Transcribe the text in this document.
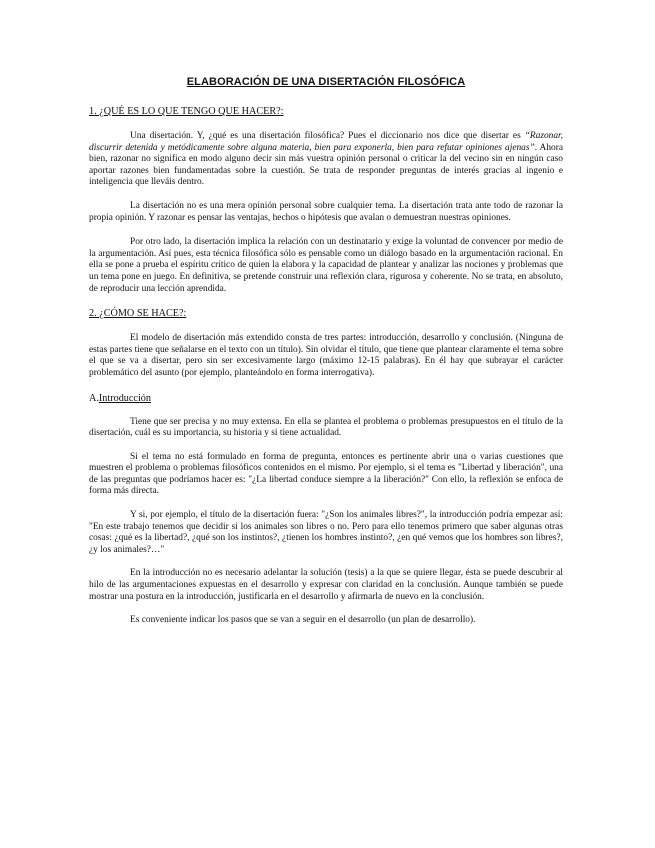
ELABORACIÓN DE UNA DISERTACIÓN FILOSÓFICA
1. ¿QUÉ ES LO QUE TENGO QUE HACER?:

Una disertación. Y, ¿qué es una disertación filosófica? Pues el diccionario nos dice que disertar es “Razonar, discurrir detenida y metódicamente sobre alguna materia, bien para exponerla, bien para refutar opiniones ajenas”. Ahora bien, razonar no significa en modo alguno decir sin más vuestra opinión personal o criticar la del vecino sin en ningún caso aportar razones bien fundamentadas sobre la cuestión. Se trata de responder preguntas de interés gracias al ingenio e inteligencia que lleváis dentro.

La disertación no es una mera opinión personal sobre cualquier tema. La disertación trata ante todo de razonar la propia opinión. Y razonar es pensar las ventajas, hechos o hipótesis que avalan o demuestran nuestras opiniones.

Por otro lado, la disertación implica la relación con un destinatario y exige la voluntad de convencer por medio de la argumentación. Así pues, esta técnica filosófica sólo es pensable como un diálogo basado en la argumentación racional. En ella se pone a prueba el espíritu crítico de quien la elabora y la capacidad de plantear y analizar las nociones y problemas que un tema pone en juego. En definitiva, se pretende construir una reflexión clara, rigurosa y coherente. No se trata, en absoluto, de reproducir una lección aprendida.

2. ¿CÓMO SE HACE?:

El modelo de disertación más extendido consta de tres partes: introducción, desarrollo y conclusión. (Ninguna de estas partes tiene que señalarse en el texto con un título). Sin olvidar el título, que tiene que plantear claramente el tema sobre el que se va a disertar, pero sin ser excesivamente largo (máximo 12-15 palabras). En él hay que subrayar el carácter problemático del asunto (por ejemplo, planteándolo en forma interrogativa).

A.Introducción

Tiene que ser precisa y no muy extensa. En ella se plantea el problema o problemas presupuestos en el título de la disertación, cuál es su importancia, su historia y si tiene actualidad.

Si el tema no está formulado en forma de pregunta, entonces es pertinente abrir una o varias cuestiones que muestren el problema o problemas filosóficos contenidos en el mismo. Por ejemplo, si el tema es "Libertad y liberación", una de las preguntas que podríamos hacer es: "¿La libertad conduce siempre a la liberación?" Con ello, la reflexión se enfoca de forma más directa.

Y si, por ejemplo, el título de la disertación fuera: "¿Son los animales libres?", la introducción podría empezar así: "En este trabajo tenemos que decidir si los animales son libres o no. Pero para ello tenemos primero que saber algunas otras cosas: ¿qué es la libertad?, ¿qué son los instintos?, ¿tienen los hombres instinto?, ¿en qué vemos que los hombres son libres?, ¿y los animales?…"

En la introducción no es necesario adelantar la solución (tesis) a la que se quiere llegar, ésta se puede descubrir al hilo de las argumentaciones expuestas en el desarrollo y expresar con claridad en la conclusión. Aunque también se puede mostrar una postura en la introducción, justificarla en el desarrollo y afirmarla de nuevo en la conclusión.

Es conveniente indicar los pasos que se van a seguir en el desarrollo (un plan de desarrollo).
